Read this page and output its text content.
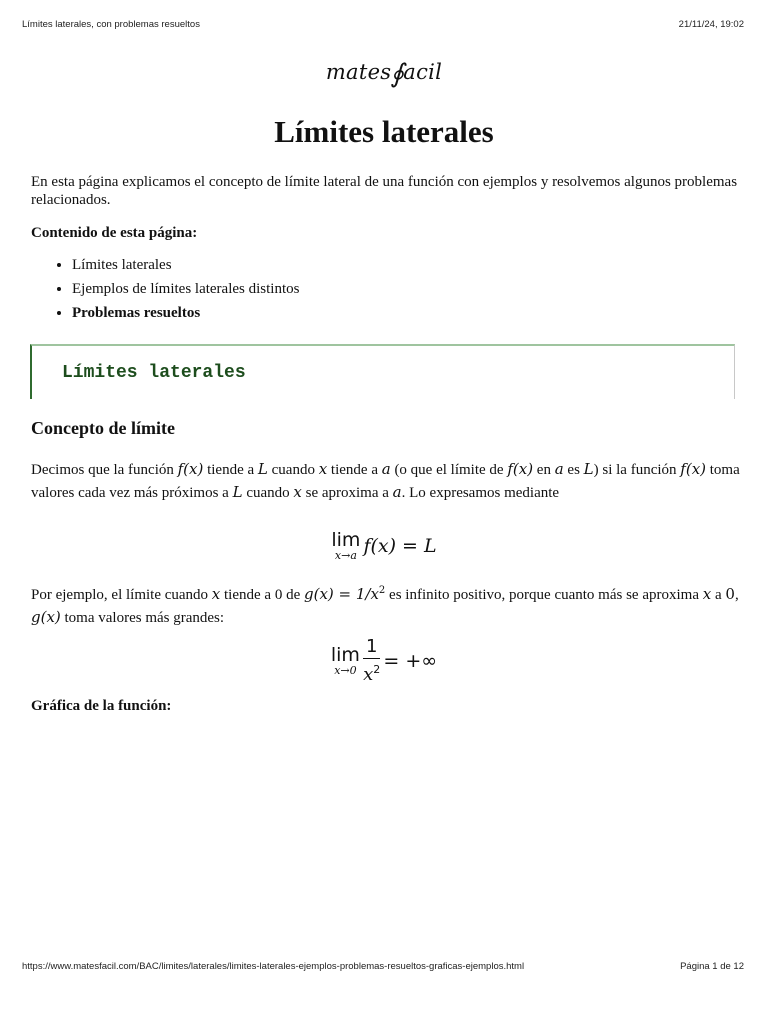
Límites laterales, con problemas resueltos	21/11/24, 19:02
mates∮acil
Límites laterales

En esta página explicamos el concepto de límite lateral de una función con ejemplos y resolvemos algunos problemas relacionados.

Contenido de esta página:

• Límites laterales
• Ejemplos de límites laterales distintos
• Problemas resueltos
Límites laterales
Concepto de límite

Decimos que la función f(x) tiende a L cuando x tiende a a (o que el límite de f(x) en a es L) si la función f(x) toma valores cada vez más próximos a L cuando x se aproxima a a. Lo expresamos mediante

lim
x→a f(x) = L

Por ejemplo, el límite cuando x tiende a 0 de $g(x) = 1/x^2$ es infinito positivo, porque cuanto más se aproxima x a 0, g(x) toma valores más grandes:

lim
$x\to 0 \frac{1}{x^2}$ = +∞

Gráfica de la función:

https://www.matesfacil.com/BAC/limites/laterales/limites-laterales-ejemplos-problemas-resueltos-graficas-ejemplos.html	Página 1 de 12
